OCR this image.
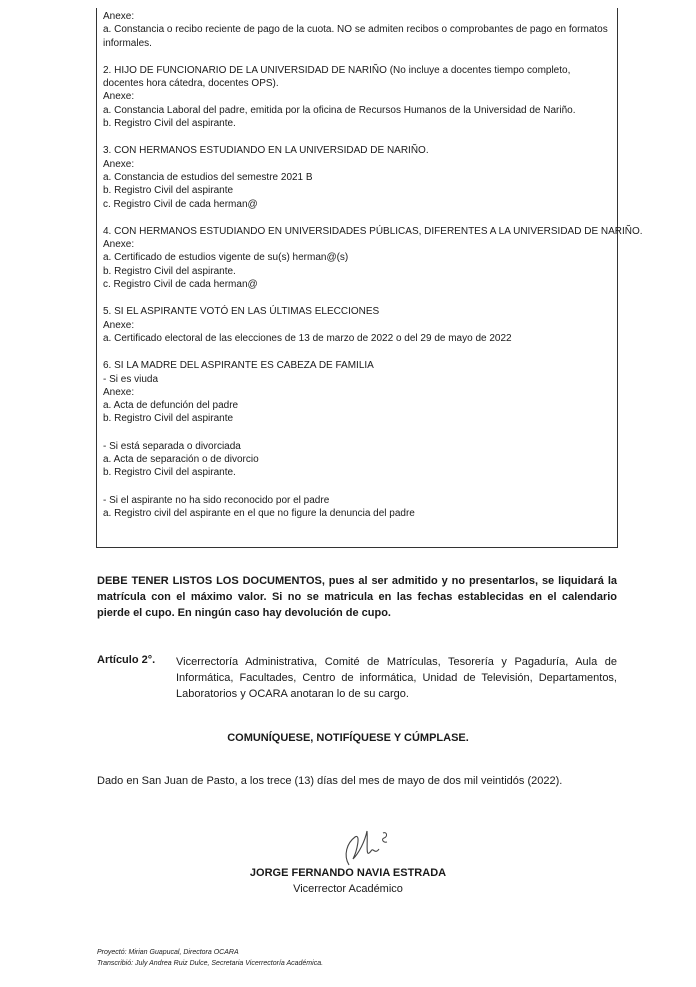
Anexe:
a. Constancia o recibo reciente de pago de la cuota. NO se admiten recibos o comprobantes de pago en formatos informales.
2. HIJO DE FUNCIONARIO DE LA UNIVERSIDAD DE NARIÑO (No incluye a docentes tiempo completo, docentes hora cátedra, docentes OPS).
Anexe:
a. Constancia Laboral del padre, emitida por la oficina de Recursos Humanos de la Universidad de Nariño.
b. Registro Civil del aspirante.
3. CON HERMANOS ESTUDIANDO EN LA UNIVERSIDAD DE NARIÑO.
Anexe:
a. Constancia de estudios del semestre 2021 B
b. Registro Civil del aspirante
c. Registro Civil de cada herman@
4. CON HERMANOS ESTUDIANDO EN UNIVERSIDADES PÚBLICAS, DIFERENTES A LA UNIVERSIDAD DE NARIÑO.
Anexe:
a. Certificado de estudios vigente de su(s) herman@(s)
b. Registro Civil del aspirante.
c. Registro Civil de cada herman@
5. SI EL ASPIRANTE VOTÓ EN LAS ÚLTIMAS ELECCIONES
Anexe:
a. Certificado electoral de las elecciones de 13 de marzo de 2022 o del 29 de mayo de 2022
6. SI LA MADRE DEL ASPIRANTE ES CABEZA DE FAMILIA
- Si es viuda
Anexe:
a. Acta de defunción del padre
b. Registro Civil del aspirante
- Si está separada o divorciada
a. Acta de separación o de divorcio
b. Registro Civil del aspirante.
- Si el aspirante no ha sido reconocido por el padre
a. Registro civil del aspirante en el que no figure la denuncia del padre
DEBE TENER LISTOS LOS DOCUMENTOS, pues al ser admitido y no presentarlos, se liquidará la matrícula con el máximo valor. Si no se matricula en las fechas establecidas en el calendario pierde el cupo. En ningún caso hay devolución de cupo.
Artículo 2°. Vicerrectoría Administrativa, Comité de Matrículas, Tesorería y Pagaduría, Aula de Informática, Facultades, Centro de informática, Unidad de Televisión, Departamentos, Laboratorios y OCARA anotaran lo de su cargo.
COMUNÍQUESE, NOTIFÍQUESE Y CÚMPLASE.
Dado en San Juan de Pasto, a los trece (13) días del mes de mayo de dos mil veintidós (2022).
JORGE FERNANDO NAVIA ESTRADA
Vicerrector Académico
Proyectó: Mirian Guapucal, Directora OCARA
Transcribió: July Andrea Ruiz Dulce, Secretaria Vicerrectoría Académica.
